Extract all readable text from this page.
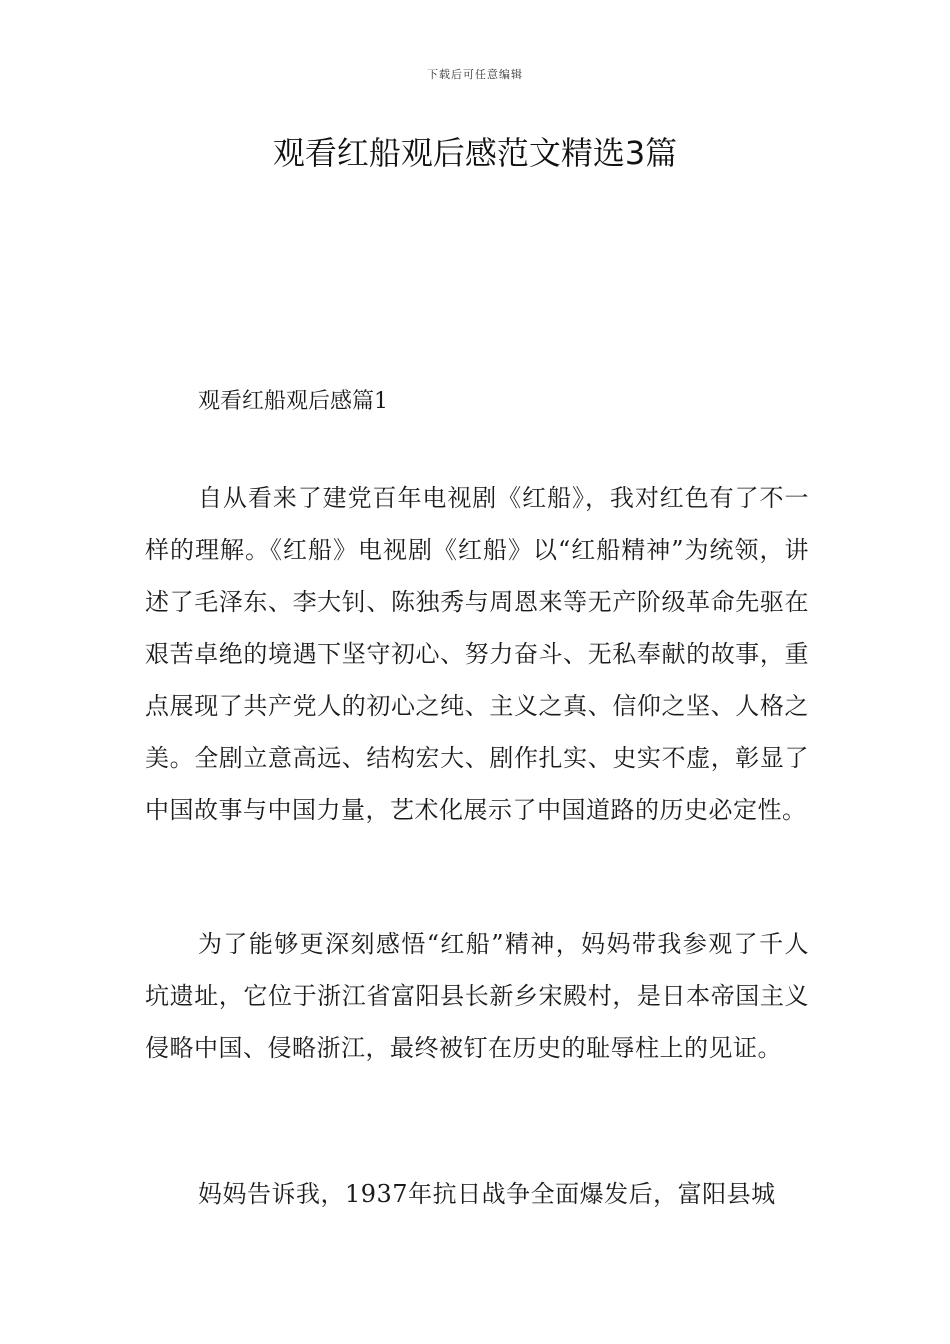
下载后可任意编辑
观看红船观后感范文精选3篇
观看红船观后感篇1

自从看来了建党百年电视剧《红船》，我对红色有了不一样的理解。《红船》电视剧《红船》以“红船精神”为统领，讲述了毛泽东、李大钊、陈独秀与周恩来等无产阶级革命先驱在艰苦卓绝的境遇下坚守初心、努力奋斗、无私奉献的故事，重点展现了共产党人的初心之纯、主义之真、信仰之坚、人格之美。全剧立意高远、结构宏大、剧作扎实、史实不虚，彰显了中国故事与中国力量，艺术化展示了中国道路的历史必定性。

为了能够更深刻感悟“红船”精神，妈妈带我参观了千人坑遗址，它位于浙江省富阳县长新乡宋殿村，是日本帝国主义侵略中国、侵略浙江，最终被钉在历史的耻辱柱上的见证。

妈妈告诉我，1937年抗日战争全面爆发后，富阳县城
